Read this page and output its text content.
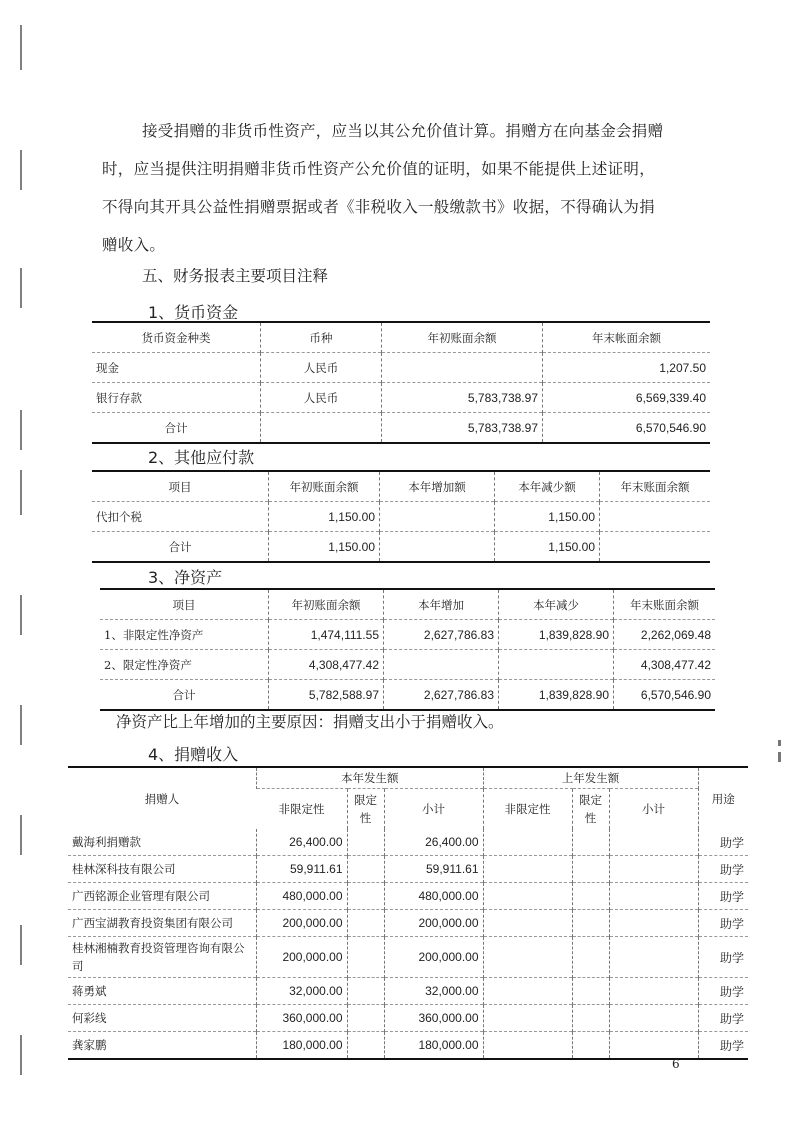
接受捐赠的非货币性资产，应当以其公允价值计算。捐赠方在向基金会捐赠
时，应当提供注明捐赠非货币性资产公允价值的证明，如果不能提供上述证明，
不得向其开具公益性捐赠票据或者《非税收入一般缴款书》收据，不得确认为捐
赠收入。
五、财务报表主要项目注释
1、货币资金
货币资金种类	币种	年初账面余额	年末帐面余额
现金	人民币		1,207.50
银行存款	人民币	5,783,738.97	6,569,339.40
合计		5,783,738.97	6,570,546.90
2、其他应付款
项目	年初账面余额	本年增加额	本年减少额	年末账面余额
代扣个税	1,150.00		1,150.00	
合计	1,150.00		1,150.00	
3、净资产
项目	年初账面余额	本年增加	本年减少	年末账面余额
1、非限定性净资产	1,474,111.55	2,627,786.83	1,839,828.90	2,262,069.48
2、限定性净资产	4,308,477.42			4,308,477.42
合计	5,782,588.97	2,627,786.83	1,839,828.90	6,570,546.90
净资产比上年增加的主要原因：捐赠支出小于捐赠收入。
4、捐赠收入
捐赠人	本年发生额			上年发生额			用途
	非限定性	限定性	小计	非限定性	限定性	小计	
戴海利捐赠款	26,400.00		26,400.00				助学
桂林深科技有限公司	59,911.61		59,911.61				助学
广西铭源企业管理有限公司	480,000.00		480,000.00				助学
广西宝湖教育投资集团有限公司	200,000.00		200,000.00				助学
桂林湘楠教育投资管理咨询有限公司	200,000.00		200,000.00				助学
蒋勇斌	32,000.00		32,000.00				助学
何彩线	360,000.00		360,000.00				助学
龚家鹏	180,000.00		180,000.00				助学
6
